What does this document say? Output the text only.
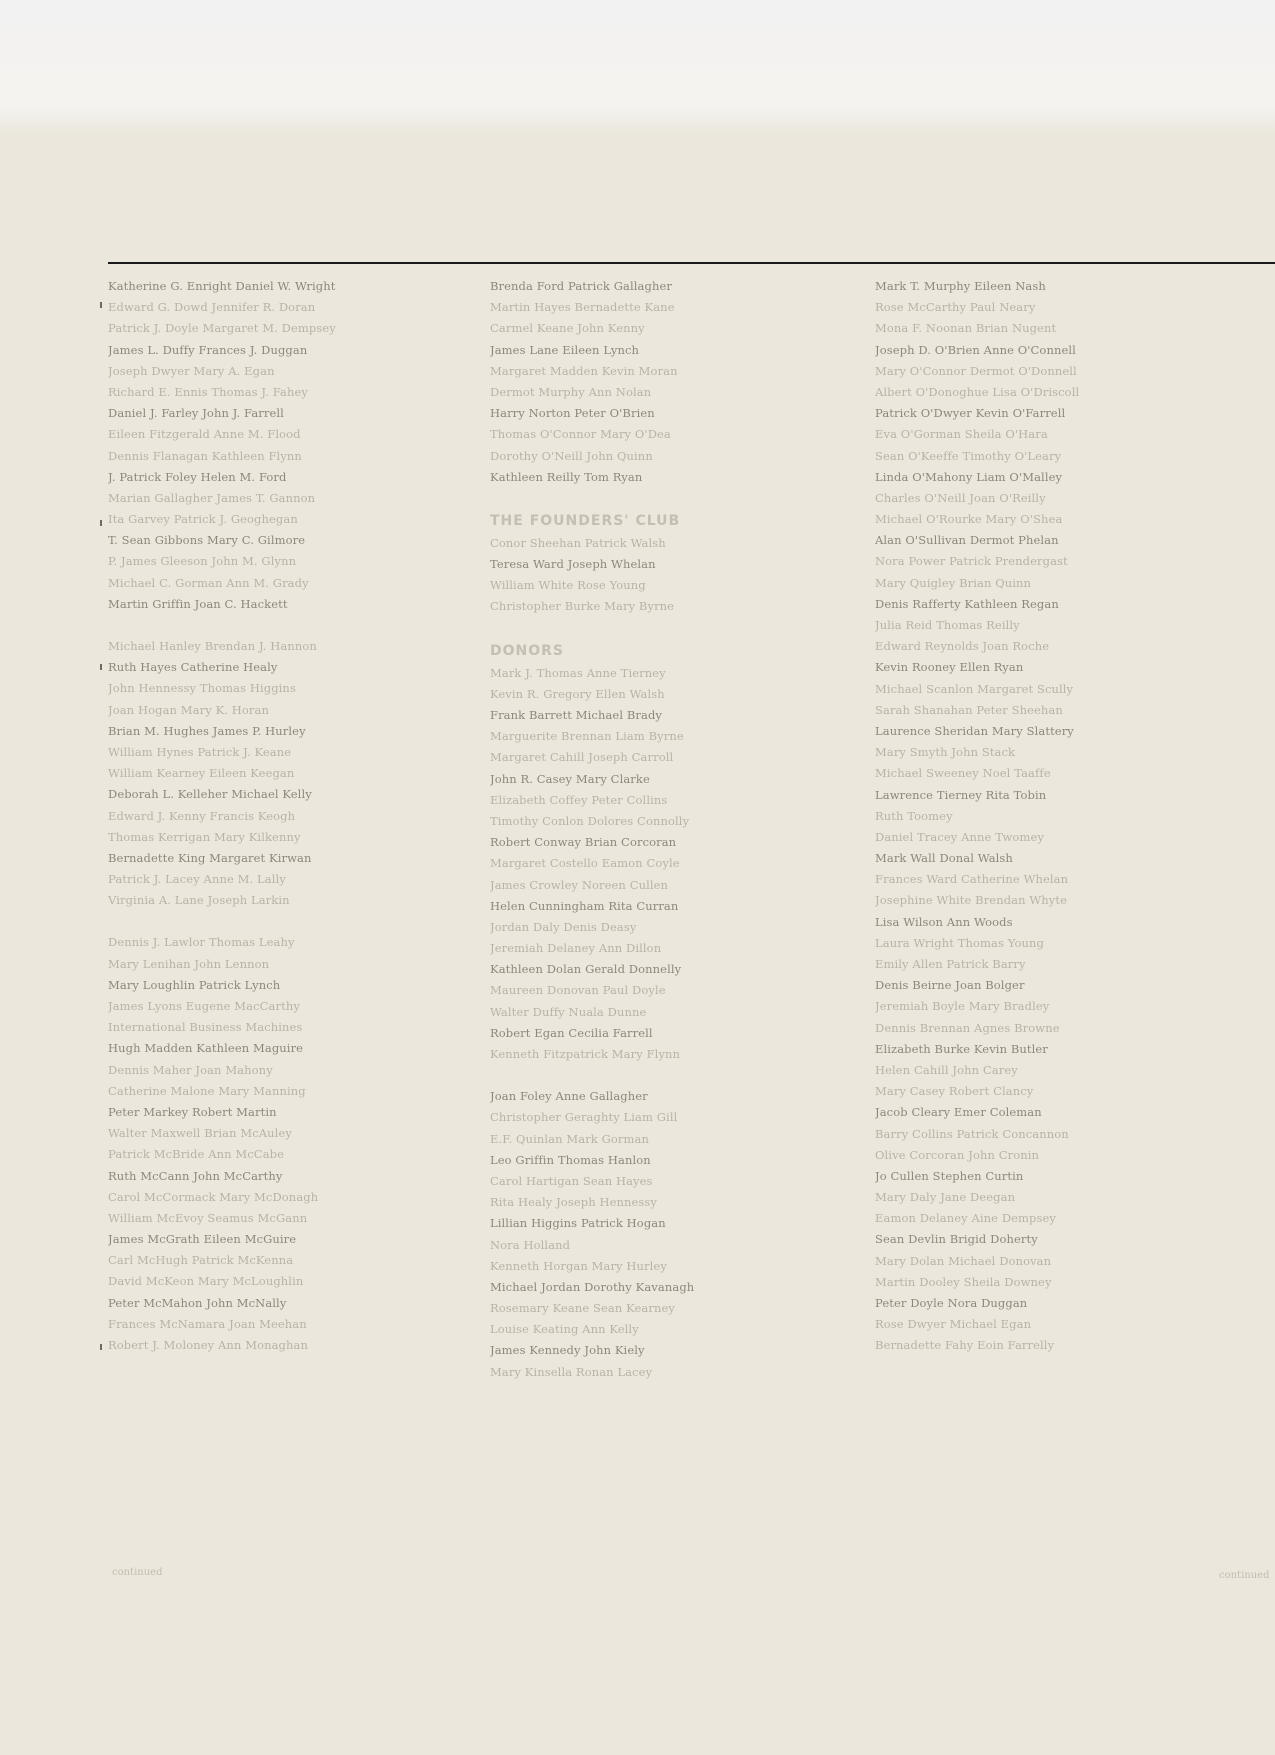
Katherine G. Enright Daniel W. Wright
Edward G. Dowd Jennifer R. Doran
Patrick J. Doyle Margaret M. Dempsey
James L. Duffy Frances J. Duggan
Joseph Dwyer Mary A. Egan
Richard E. Ennis Thomas J. Fahey
Daniel J. Farley John J. Farrell
Eileen Fitzgerald Anne M. Flood
Dennis Flanagan Kathleen Flynn
J. Patrick Foley Helen M. Ford
Marian Gallagher James T. Gannon
Ita Garvey Patrick J. Geoghegan
T. Sean Gibbons Mary C. Gilmore
P. James Gleeson John M. Glynn
Michael C. Gorman Ann M. Grady
Martin Griffin Joan C. Hackett
Michael Hanley Brendan J. Hannon
Ruth Hayes Catherine Healy
John Hennessy Thomas Higgins
Joan Hogan Mary K. Horan
Brian M. Hughes James P. Hurley
William Hynes Patrick J. Keane
William Kearney Eileen Keegan
Deborah L. Kelleher Michael Kelly
Edward J. Kenny Francis Keogh
Thomas Kerrigan Mary Kilkenny
Bernadette King Margaret Kirwan
Patrick J. Lacey Anne M. Lally
Virginia A. Lane Joseph Larkin
Dennis J. Lawlor Thomas Leahy
Mary Lenihan John Lennon
Mary Loughlin Patrick Lynch
James Lyons Eugene MacCarthy
International Business Machines
Hugh Madden Kathleen Maguire
Dennis Maher Joan Mahony
Catherine Malone Mary Manning
Peter Markey Robert Martin
Walter Maxwell Brian McAuley
Patrick McBride Ann McCabe
Ruth McCann John McCarthy
Carol McCormack Mary McDonagh
William McEvoy Seamus McGann
James McGrath Eileen McGuire
Carl McHugh Patrick McKenna
David McKeon Mary McLoughlin
Peter McMahon John McNally
Frances McNamara Joan Meehan
Robert J. Moloney Ann Monaghan
Brenda Ford Patrick Gallagher
Martin Hayes Bernadette Kane
Carmel Keane John Kenny
James Lane Eileen Lynch
Margaret Madden Kevin Moran
Dermot Murphy Ann Nolan
Harry Norton Peter O'Brien
Thomas O'Connor Mary O'Dea
Dorothy O'Neill John Quinn
Kathleen Reilly Tom Ryan
THE FOUNDERS' CLUB
Conor Sheehan Patrick Walsh
Teresa Ward Joseph Whelan
William White Rose Young
Christopher Burke Mary Byrne
DONORS
Mark J. Thomas Anne Tierney
Kevin R. Gregory Ellen Walsh
Frank Barrett Michael Brady
Marguerite Brennan Liam Byrne
Margaret Cahill Joseph Carroll
John R. Casey Mary Clarke
Elizabeth Coffey Peter Collins
Timothy Conlon Dolores Connolly
Robert Conway Brian Corcoran
Margaret Costello Eamon Coyle
James Crowley Noreen Cullen
Helen Cunningham Rita Curran
Jordan Daly Denis Deasy
Jeremiah Delaney Ann Dillon
Kathleen Dolan Gerald Donnelly
Maureen Donovan Paul Doyle
Walter Duffy Nuala Dunne
Robert Egan Cecilia Farrell
Kenneth Fitzpatrick Mary Flynn
Joan Foley Anne Gallagher
Christopher Geraghty Liam Gill
E.F. Quinlan Mark Gorman
Leo Griffin Thomas Hanlon
Carol Hartigan Sean Hayes
Rita Healy Joseph Hennessy
Lillian Higgins Patrick Hogan
Nora Holland
Kenneth Horgan Mary Hurley
Michael Jordan Dorothy Kavanagh
Rosemary Keane Sean Kearney
Louise Keating Ann Kelly
James Kennedy John Kiely
Mary Kinsella Ronan Lacey
Mark T. Murphy Eileen Nash
Rose McCarthy Paul Neary
Mona F. Noonan Brian Nugent
Joseph D. O'Brien Anne O'Connell
Mary O'Connor Dermot O'Donnell
Albert O'Donoghue Lisa O'Driscoll
Patrick O'Dwyer Kevin O'Farrell
Eva O'Gorman Sheila O'Hara
Sean O'Keeffe Timothy O'Leary
Linda O'Mahony Liam O'Malley
Charles O'Neill Joan O'Reilly
Michael O'Rourke Mary O'Shea
Alan O'Sullivan Dermot Phelan
Nora Power Patrick Prendergast
Mary Quigley Brian Quinn
Denis Rafferty Kathleen Regan
Julia Reid Thomas Reilly
Edward Reynolds Joan Roche
Kevin Rooney Ellen Ryan
Michael Scanlon Margaret Scully
Sarah Shanahan Peter Sheehan
Laurence Sheridan Mary Slattery
Mary Smyth John Stack
Michael Sweeney Noel Taaffe
Lawrence Tierney Rita Tobin
Ruth Toomey
Daniel Tracey Anne Twomey
Mark Wall Donal Walsh
Frances Ward Catherine Whelan
Josephine White Brendan Whyte
Lisa Wilson Ann Woods
Laura Wright Thomas Young
Emily Allen Patrick Barry
Denis Beirne Joan Bolger
Jeremiah Boyle Mary Bradley
Dennis Brennan Agnes Browne
Elizabeth Burke Kevin Butler
Helen Cahill John Carey
Mary Casey Robert Clancy
Jacob Cleary Emer Coleman
Barry Collins Patrick Concannon
Olive Corcoran John Cronin
Jo Cullen Stephen Curtin
Mary Daly Jane Deegan
Eamon Delaney Aine Dempsey
Sean Devlin Brigid Doherty
Mary Dolan Michael Donovan
Martin Dooley Sheila Downey
Peter Doyle Nora Duggan
Rose Dwyer Michael Egan
Bernadette Fahy Eoin Farrelly
continued	continued
